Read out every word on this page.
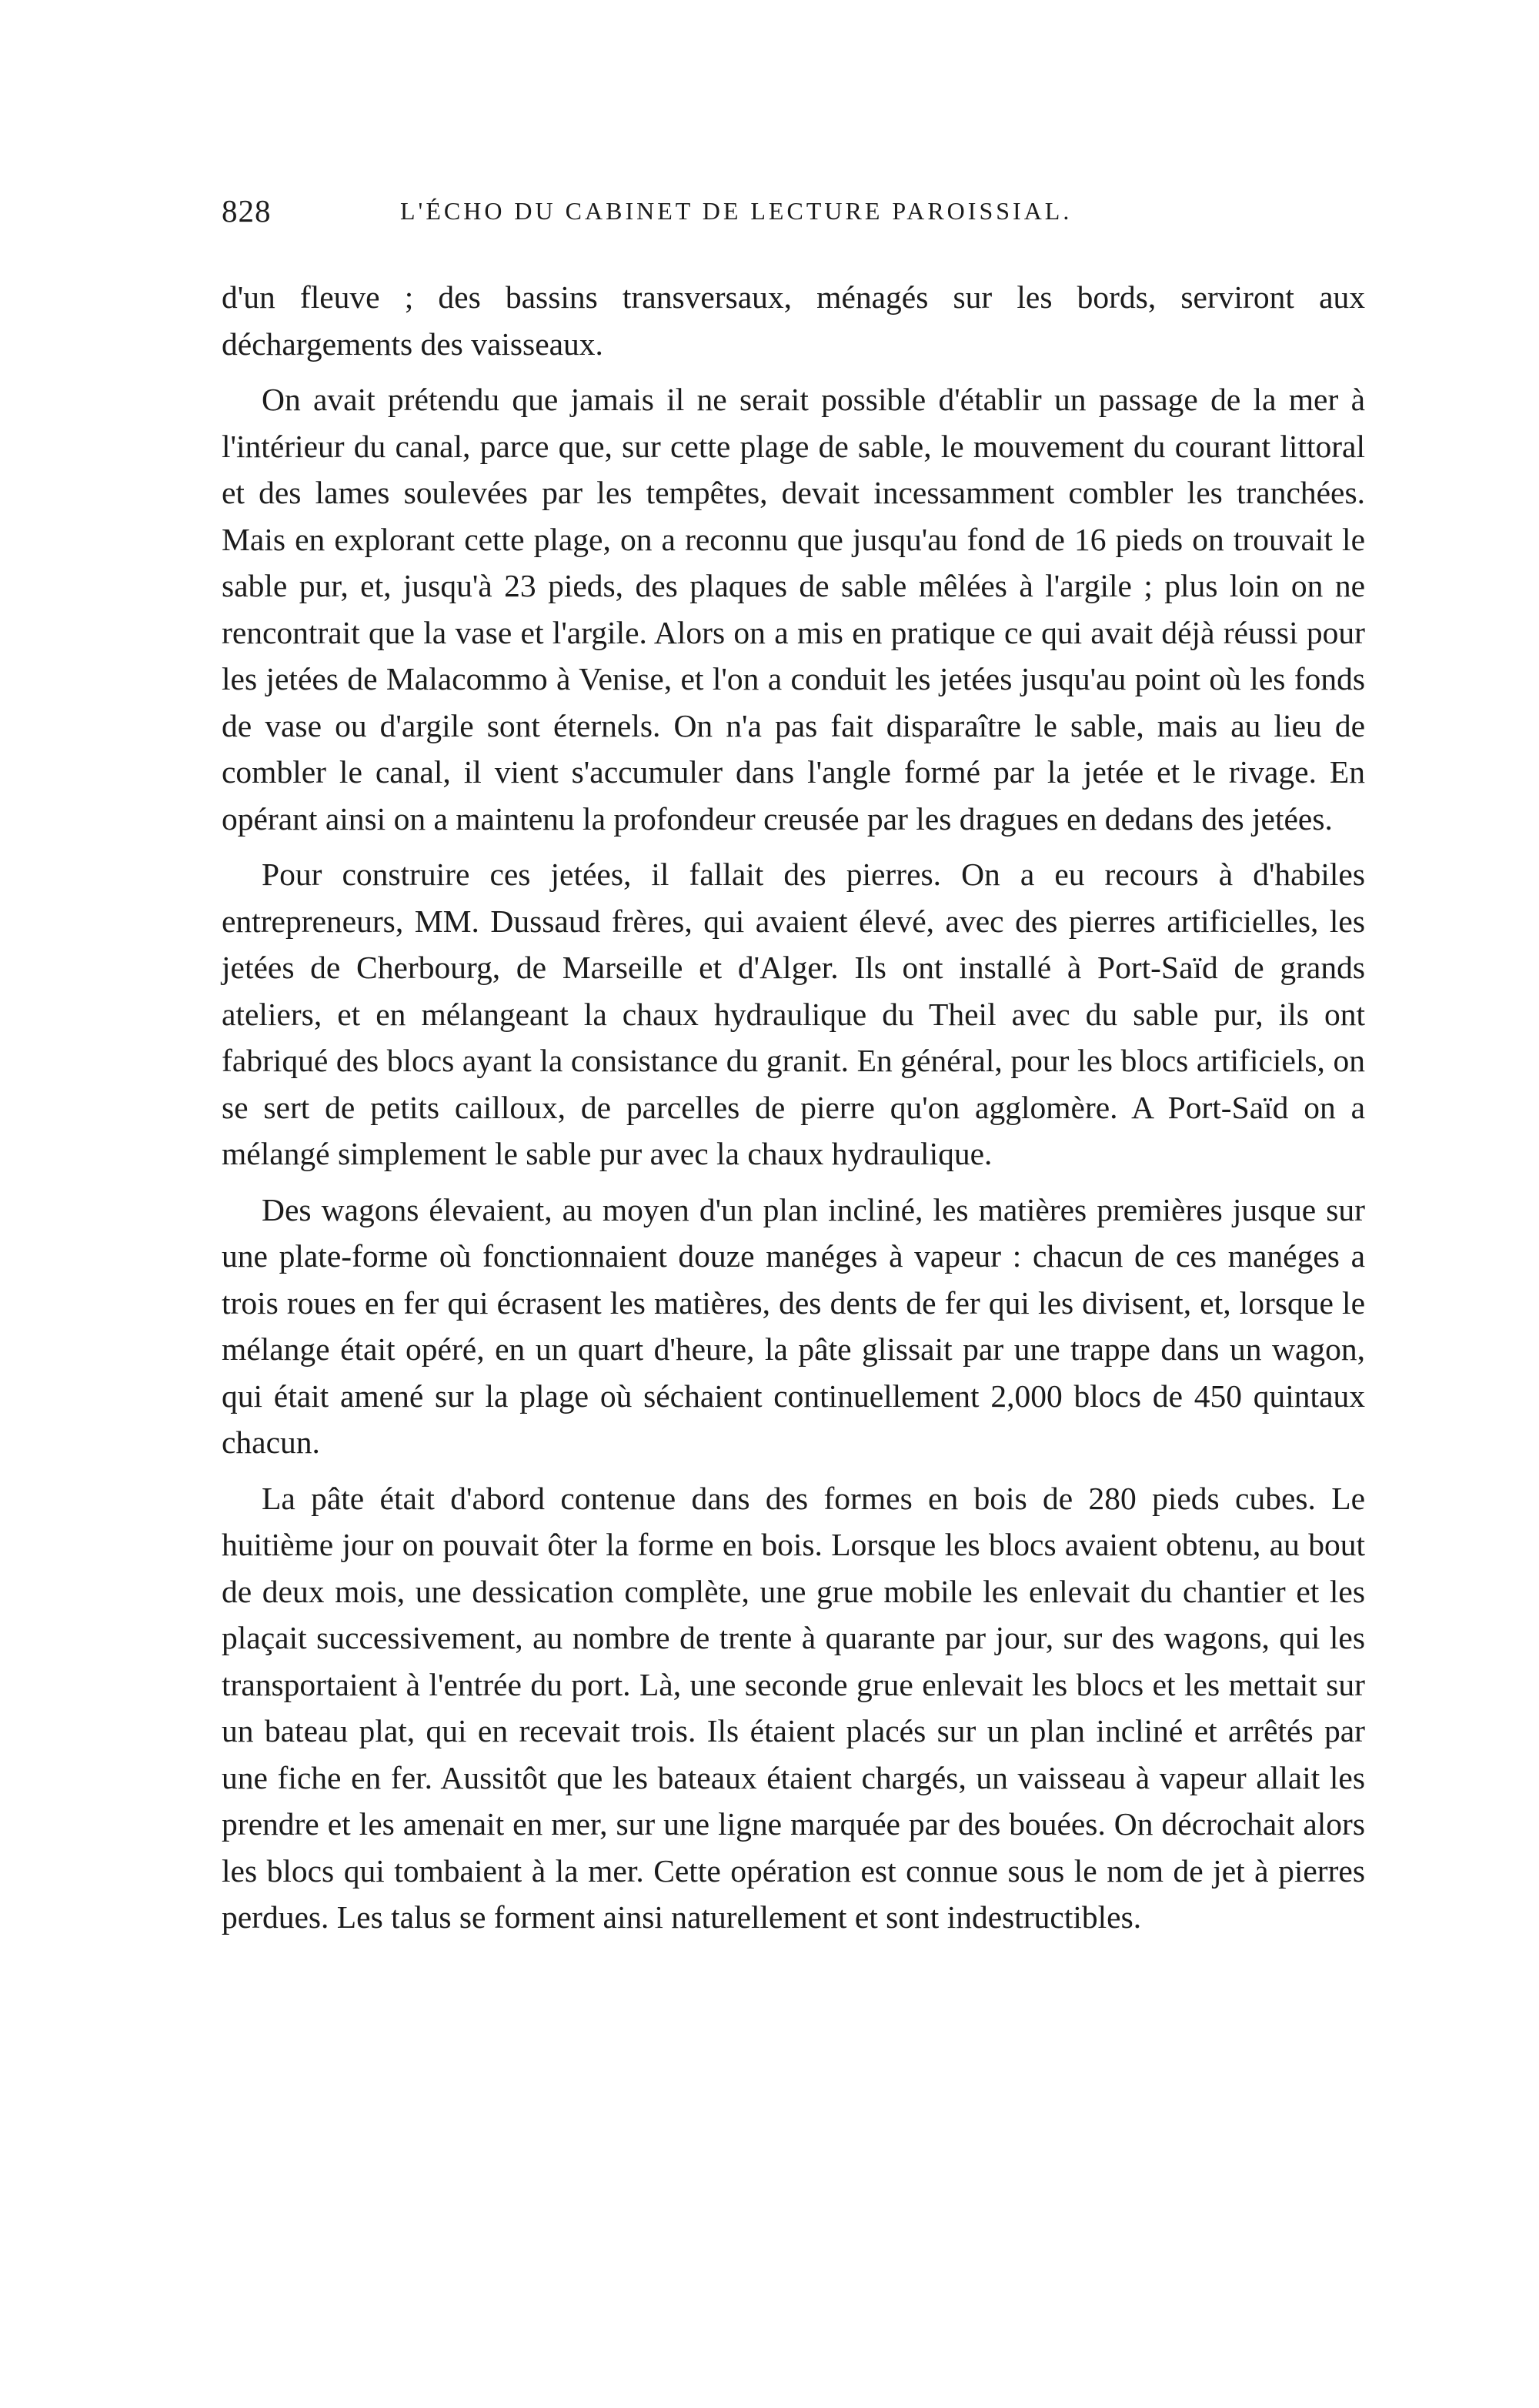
828	L'ÉCHO DU CABINET DE LECTURE PAROISSIAL.

d'un fleuve ; des bassins transversaux, ménagés sur les bords, serviront aux déchargements des vaisseaux.

On avait prétendu que jamais il ne serait possible d'établir un passage de la mer à l'intérieur du canal, parce que, sur cette plage de sable, le mouvement du courant littoral et des lames soulevées par les tempêtes, devait incessamment combler les tranchées. Mais en explorant cette plage, on a reconnu que jusqu'au fond de 16 pieds on trouvait le sable pur, et, jusqu'à 23 pieds, des plaques de sable mêlées à l'argile ; plus loin on ne rencontrait que la vase et l'argile. Alors on a mis en pratique ce qui avait déjà réussi pour les jetées de Malacommo à Venise, et l'on a conduit les jetées jusqu'au point où les fonds de vase ou d'argile sont éternels. On n'a pas fait disparaître le sable, mais au lieu de combler le canal, il vient s'accumuler dans l'angle formé par la jetée et le rivage. En opérant ainsi on a maintenu la profondeur creusée par les dragues en dedans des jetées.

Pour construire ces jetées, il fallait des pierres. On a eu recours à d'habiles entrepreneurs, MM. Dussaud frères, qui avaient élevé, avec des pierres artificielles, les jetées de Cherbourg, de Marseille et d'Alger. Ils ont installé à Port-Saïd de grands ateliers, et en mélangeant la chaux hydraulique du Theil avec du sable pur, ils ont fabriqué des blocs ayant la consistance du granit. En général, pour les blocs artificiels, on se sert de petits cailloux, de parcelles de pierre qu'on agglomère. A Port-Saïd on a mélangé simplement le sable pur avec la chaux hydraulique.

Des wagons élevaient, au moyen d'un plan incliné, les matières premières jusque sur une plate-forme où fonctionnaient douze manéges à vapeur : chacun de ces manéges a trois roues en fer qui écrasent les matières, des dents de fer qui les divisent, et, lorsque le mélange était opéré, en un quart d'heure, la pâte glissait par une trappe dans un wagon, qui était amené sur la plage où séchaient continuellement 2,000 blocs de 450 quintaux chacun.

La pâte était d'abord contenue dans des formes en bois de 280 pieds cubes. Le huitième jour on pouvait ôter la forme en bois. Lorsque les blocs avaient obtenu, au bout de deux mois, une dessication complète, une grue mobile les enlevait du chantier et les plaçait successivement, au nombre de trente à quarante par jour, sur des wagons, qui les transportaient à l'entrée du port. Là, une seconde grue enlevait les blocs et les mettait sur un bateau plat, qui en recevait trois. Ils étaient placés sur un plan incliné et arrêtés par une fiche en fer. Aussitôt que les bateaux étaient chargés, un vaisseau à vapeur allait les prendre et les amenait en mer, sur une ligne marquée par des bouées. On décrochait alors les blocs qui tombaient à la mer. Cette opération est connue sous le nom de jet à pierres perdues. Les talus se forment ainsi naturellement et sont indestructibles.
